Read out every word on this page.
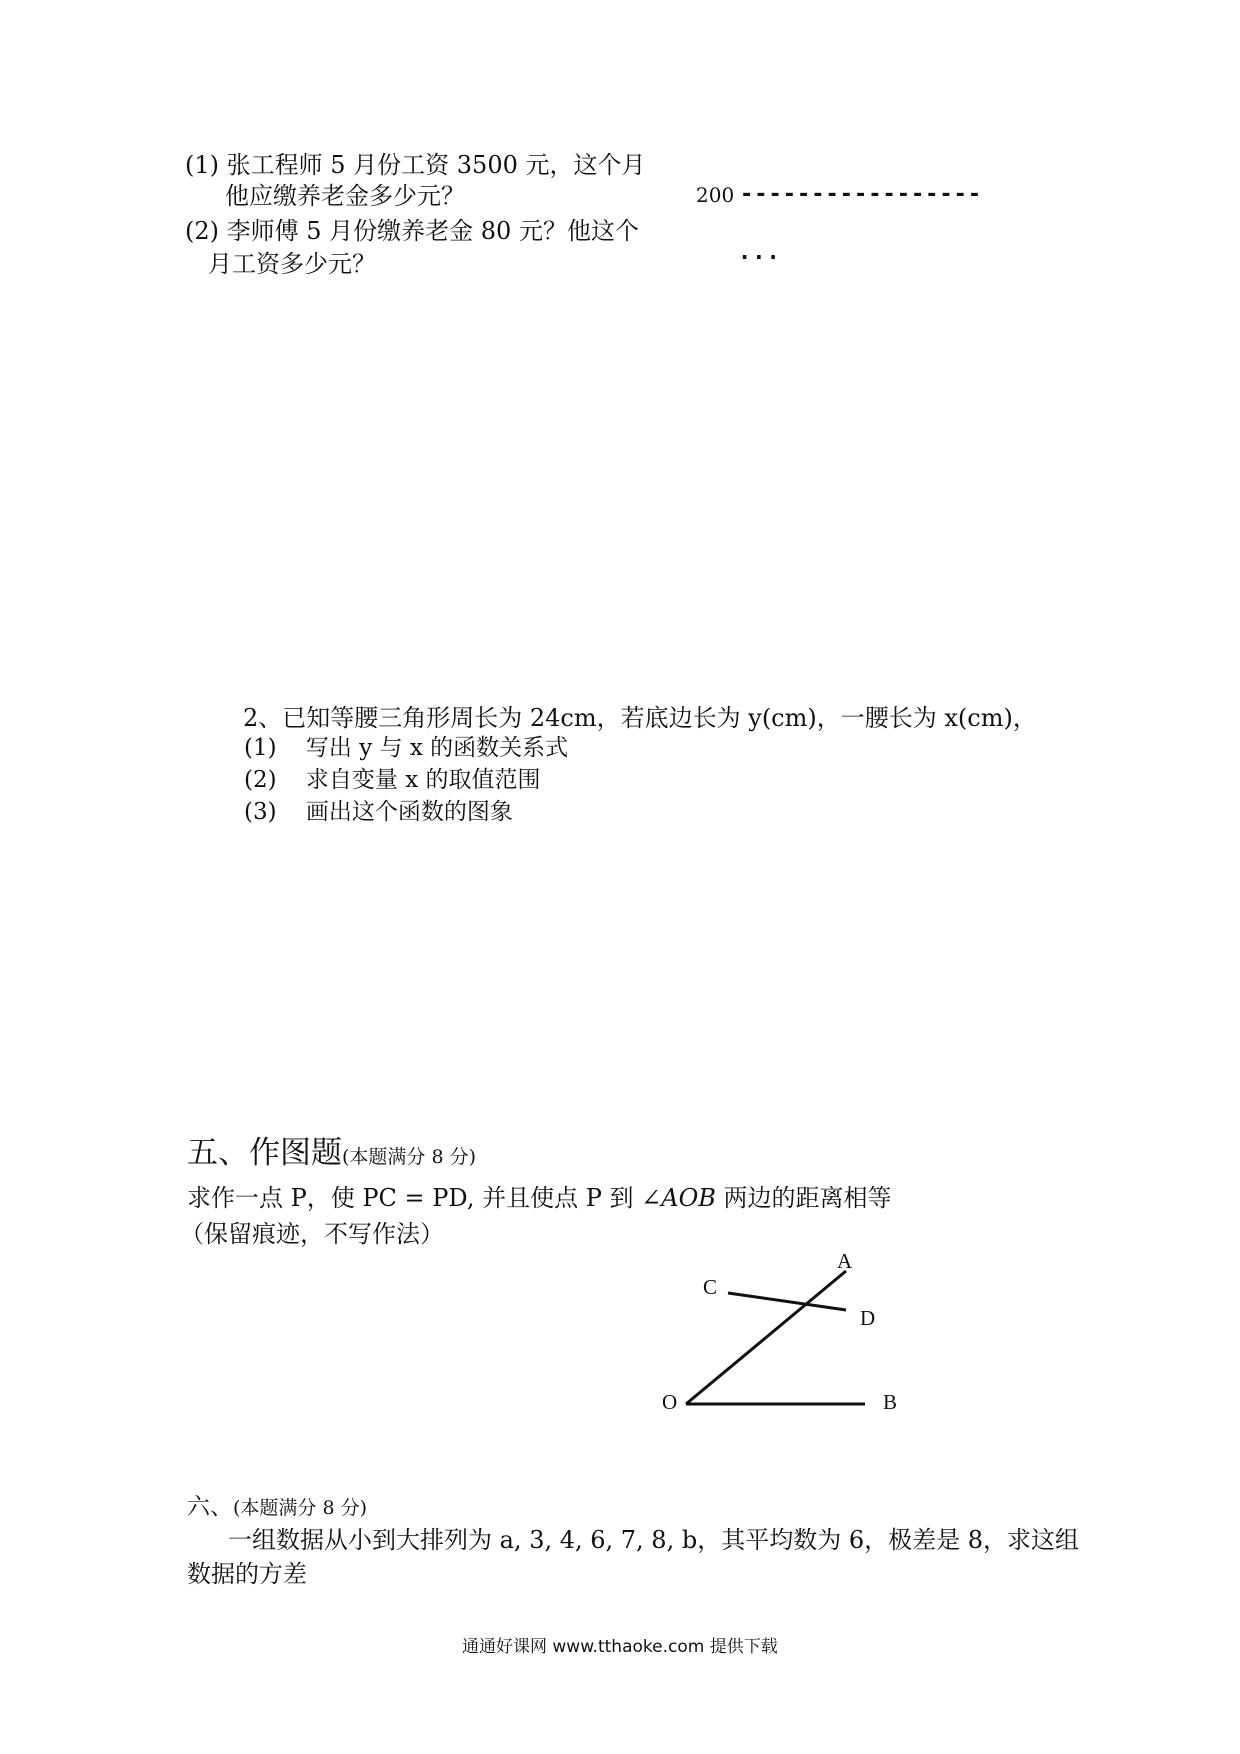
(1) 张工程师 5 月份工资 3500 元，这个月
他应缴养老金多少元？
(2) 李师傅 5 月份缴养老金 80 元？他这个
月工资多少元？
200 -----------------
···
2、已知等腰三角形周长为 24cm，若底边长为 y(cm)，一腰长为 x(cm)，
(1) 写出 y 与 x 的函数关系式
(2) 求自变量 x 的取值范围
(3) 画出这个函数的图象
五、作图题(本题满分 8 分)
求作一点 P，使 PC = PD, 并且使点 P 到 ∠AOB 两边的距离相等
（保留痕迹，不写作法）
A
C
D
O	B
六、(本题满分 8 分)
一组数据从小到大排列为 a, 3, 4, 6, 7, 8, b，其平均数为 6，极差是 8，求这组
数据的方差
通通好课网 www.tthaoke.com 提供下载
